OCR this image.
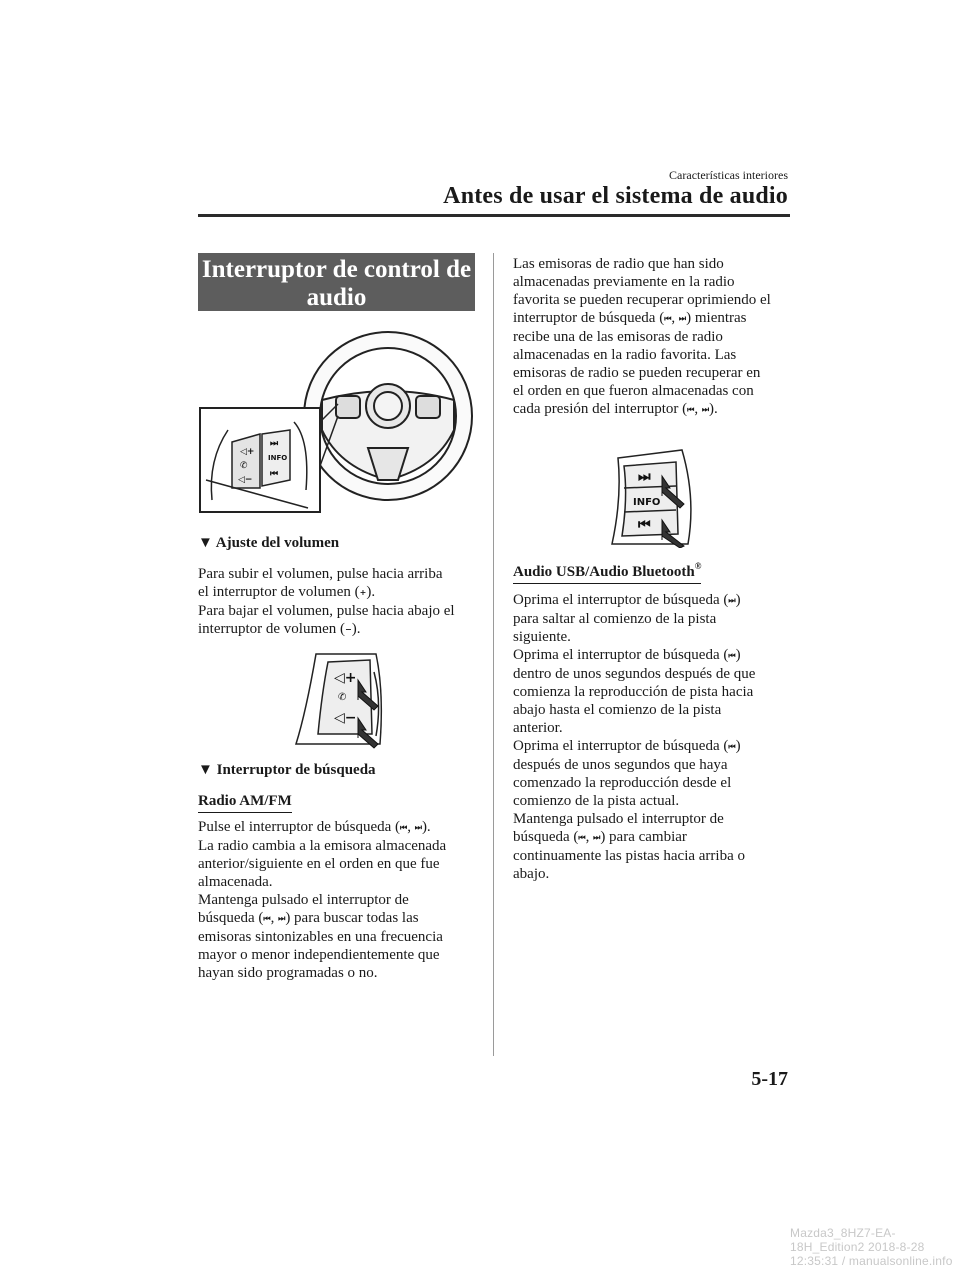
Características interiores
Antes de usar el sistema de audio
Interruptor de control de audio
◁+
✆
◁−
⏭
INFO
⏮
▼ Ajuste del volumen
Para subir el volumen, pulse hacia arriba
el interruptor de volumen (+).
Para bajar el volumen, pulse hacia abajo el
interruptor de volumen (−).
◁+
✆
◁−
▼ Interruptor de búsqueda
Radio AM/FM
Pulse el interruptor de búsqueda (⏮, ⏭).
La radio cambia a la emisora almacenada
anterior/siguiente en el orden en que fue
almacenada.
Mantenga pulsado el interruptor de
búsqueda (⏮, ⏭) para buscar todas las
emisoras sintonizables en una frecuencia
mayor o menor independientemente que
hayan sido programadas o no.
Las emisoras de radio que han sido
almacenadas previamente en la radio
favorita se pueden recuperar oprimiendo el
interruptor de búsqueda (⏮, ⏭) mientras
recibe una de las emisoras de radio
almacenadas en la radio favorita. Las
emisoras de radio se pueden recuperar en
el orden en que fueron almacenadas con
cada presión del interruptor (⏮, ⏭).
⏭
INFO
⏮
Audio USB/Audio Bluetooth®
Oprima el interruptor de búsqueda (⏭)
para saltar al comienzo de la pista
siguiente.
Oprima el interruptor de búsqueda (⏮)
dentro de unos segundos después de que
comienza la reproducción de pista hacia
abajo hasta el comienzo de la pista
anterior.
Oprima el interruptor de búsqueda (⏮)
después de unos segundos que haya
comenzado la reproducción desde el
comienzo de la pista actual.
Mantenga pulsado el interruptor de
búsqueda (⏮, ⏭) para cambiar
continuamente las pistas hacia arriba o
abajo.
5-17
Mazda3_8HZ7-EA-18H_Edition2 2018-8-28 12:35:31 / manualsonline.info
